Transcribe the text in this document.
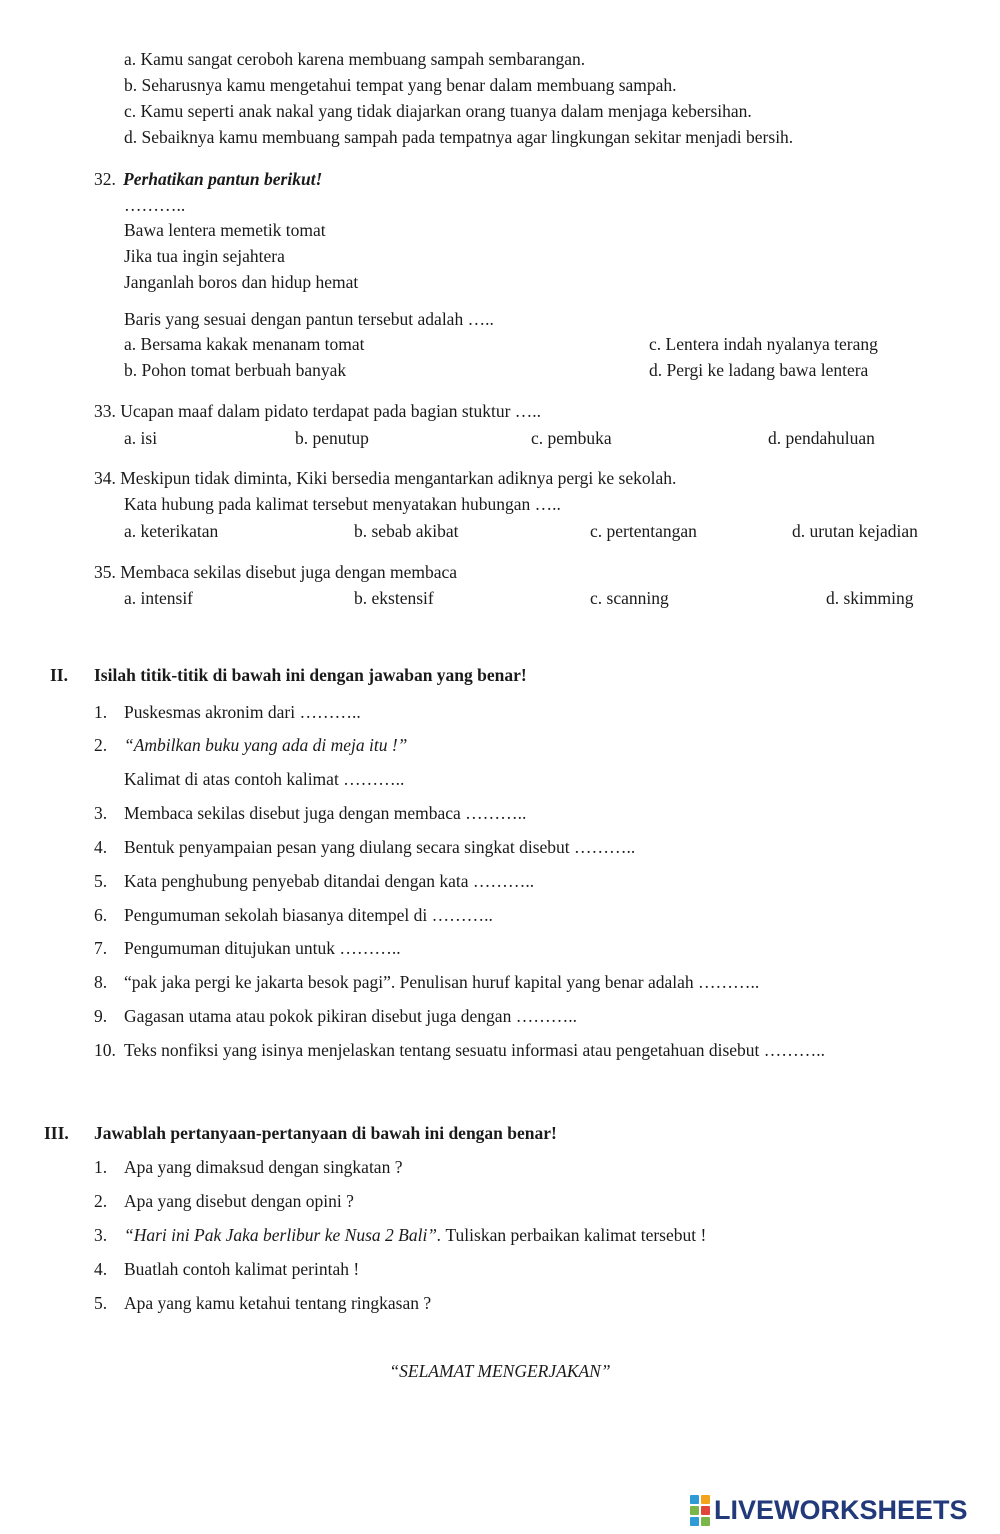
a. Kamu sangat ceroboh karena membuang sampah sembarangan.
b. Seharusnya kamu mengetahui tempat yang benar dalam membuang sampah.
c. Kamu seperti anak nakal yang tidak diajarkan orang tuanya dalam menjaga kebersihan.
d. Sebaiknya kamu membuang sampah pada tempatnya agar lingkungan sekitar menjadi bersih.
32. Perhatikan pantun berikut!
………..
Bawa lentera memetik tomat
Jika tua ingin sejahtera
Janganlah boros dan hidup hemat
Baris yang sesuai dengan pantun tersebut adalah …..
a. Bersama kakak menanam tomat	c. Lentera indah nyalanya terang
b. Pohon tomat berbuah banyak	d. Pergi ke ladang bawa lentera
33. Ucapan maaf dalam pidato terdapat pada bagian stuktur …..
a. isi	b. penutup	c. pembuka	d. pendahuluan
34. Meskipun tidak diminta, Kiki bersedia mengantarkan adiknya pergi ke sekolah.
Kata hubung pada kalimat tersebut menyatakan hubungan …..
a. keterikatan	b. sebab akibat	c. pertentangan	d. urutan kejadian
35. Membaca sekilas disebut juga dengan membaca
a. intensif	b. ekstensif	c. scanning	d. skimming
II. Isilah titik-titik di bawah ini dengan jawaban yang benar!
1. Puskesmas akronim dari ………..
2. “Ambilkan buku yang ada di meja itu !”
Kalimat di atas contoh kalimat ………..
3. Membaca sekilas disebut juga dengan membaca ………..
4. Bentuk penyampaian pesan yang diulang secara singkat disebut ………..
5. Kata penghubung penyebab ditandai dengan kata ………..
6. Pengumuman sekolah biasanya ditempel di ………..
7. Pengumuman ditujukan untuk ………..
8. “pak jaka pergi ke jakarta besok pagi”. Penulisan huruf kapital yang benar adalah ………..
9. Gagasan utama atau pokok pikiran disebut juga dengan ………..
10. Teks nonfiksi yang isinya menjelaskan tentang sesuatu informasi atau pengetahuan disebut ………..
III. Jawablah pertanyaan-pertanyaan di bawah ini dengan benar!
1. Apa yang dimaksud dengan singkatan ?
2. Apa yang disebut dengan opini ?
3. “Hari ini Pak Jaka berlibur ke Nusa 2 Bali”. Tuliskan perbaikan kalimat tersebut !
4. Buatlah contoh kalimat perintah !
5. Apa yang kamu ketahui tentang ringkasan ?
“SELAMAT MENGERJAKAN”
LIVEWORKSHEETS
